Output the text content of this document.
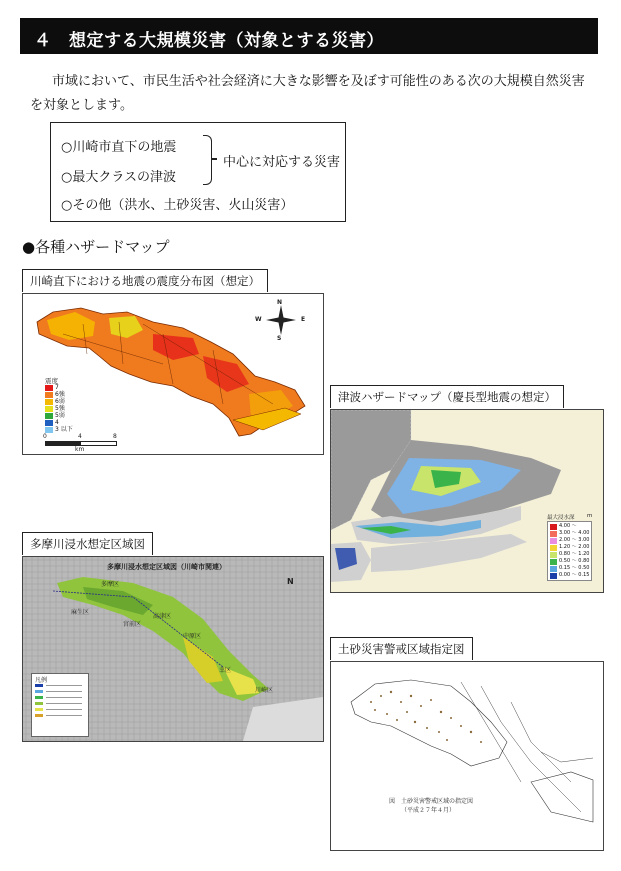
４　想定する大規模災害（対象とする災害）
市域において、市民生活や社会経済に大きな影響を及ぼす可能性のある次の大規模自然災害を対象とします。
○川崎市直下の地震
○最大クラスの津波
中心に対応する災害
○その他（洪水、土砂災害、火山災害）
●各種ハザードマップ
川崎直下における地震の震度分布図（想定）
震度
7
6強
6弱
5強
5弱
4
3 以下
N
S
E
W
0	4	8
km
津波ハザードマップ（慶長型地震の想定）
最大浸水深 m
4.00 ～
3.00 ～ 4.00
2.00 ～ 3.00
1.20 ～ 2.00
0.80 ～ 1.20
0.50 ～ 0.80
0.15 ～ 0.50
0.00 ～ 0.15
多摩川浸水想定区域図
多摩川浸水想定区域図（川崎市関連）
N
多摩区
麻生区
宮前区
高津区
中原区
幸区
川崎区
凡例
土砂災害警戒区域指定図
図　土砂災害警戒区域の指定図
（平成２７年４月）
